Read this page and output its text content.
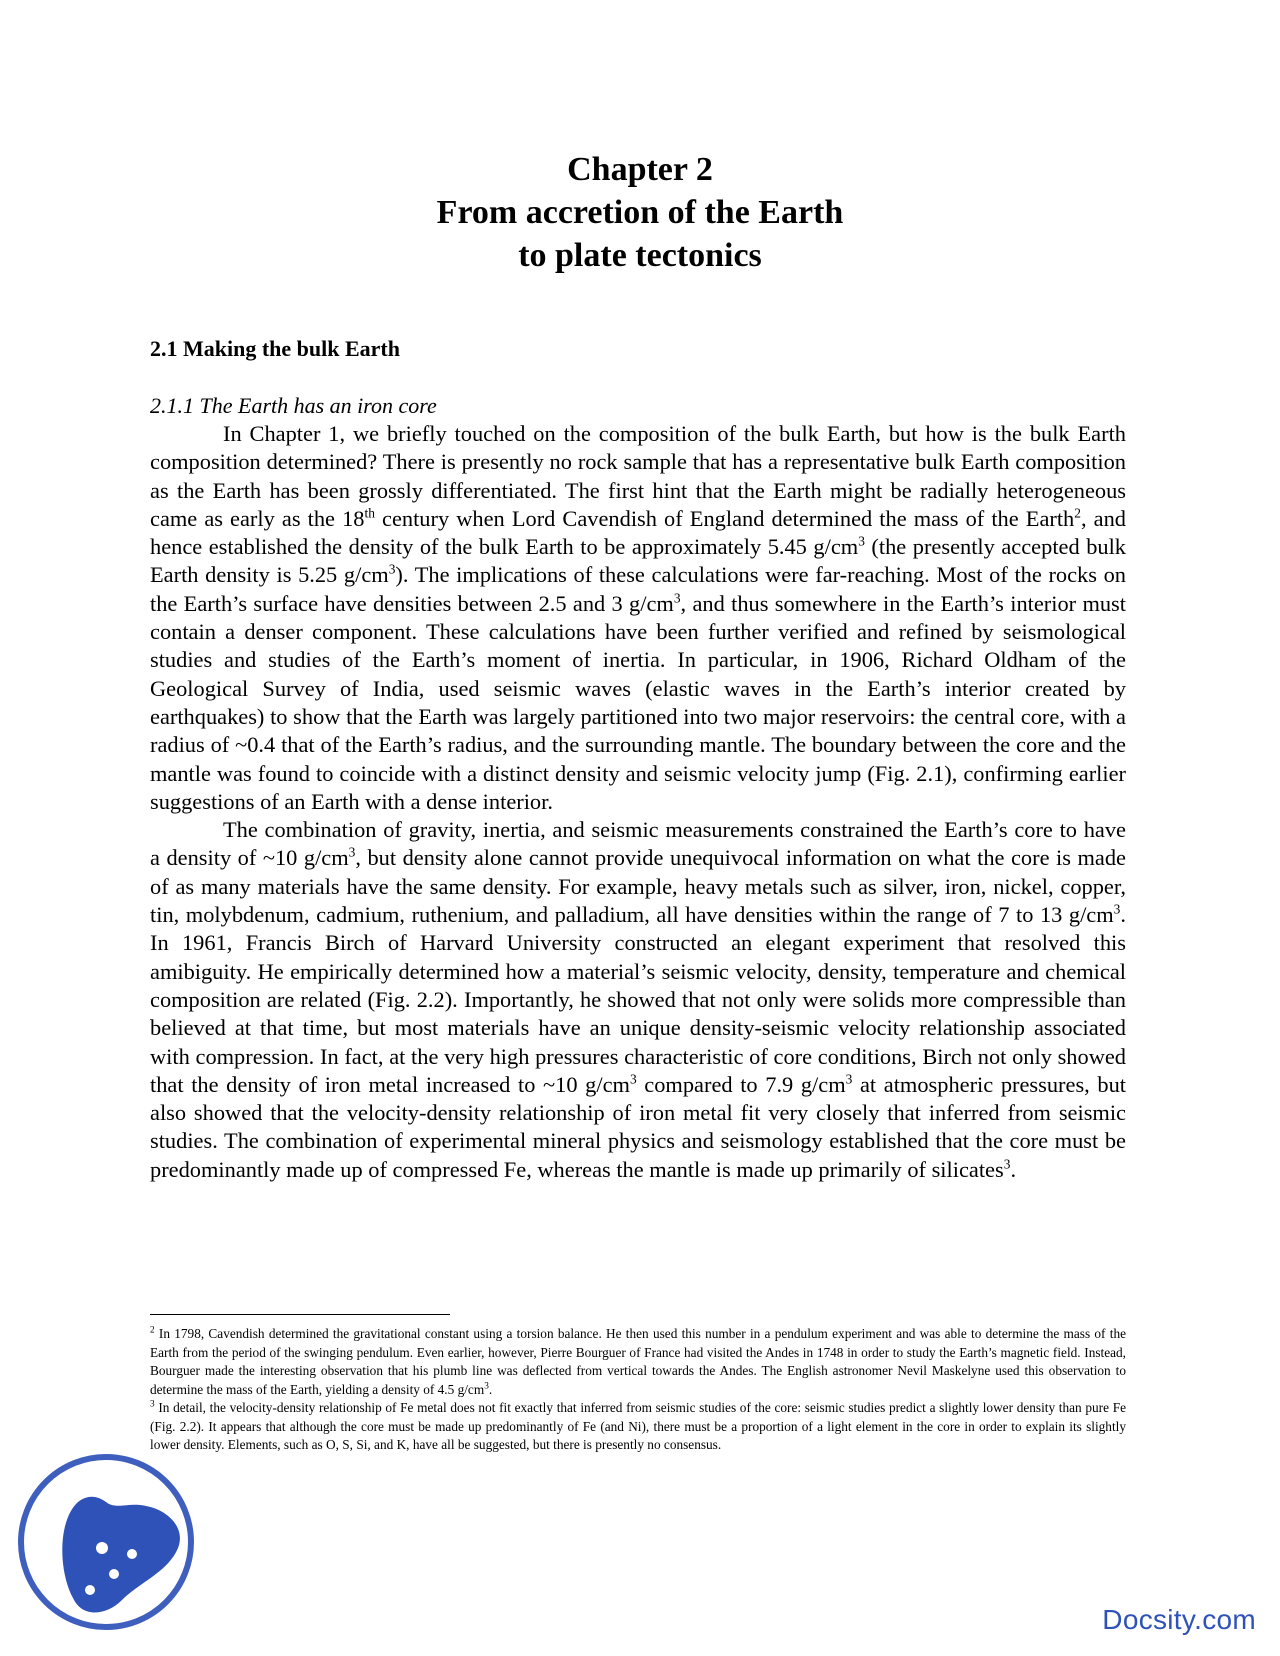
Chapter 2
From accretion of the Earth
to plate tectonics
2.1 Making the bulk Earth
2.1.1 The Earth has an iron core

In Chapter 1, we briefly touched on the composition of the bulk Earth, but how is the bulk Earth composition determined? There is presently no rock sample that has a representative bulk Earth composition as the Earth has been grossly differentiated. The first hint that the Earth might be radially heterogeneous came as early as the 18th century when Lord Cavendish of England determined the mass of the Earth$^2$, and hence established the density of the bulk Earth to be approximately 5.45 $g/cm^3$ (the presently accepted bulk Earth density is 5.25 $g/cm^3$). The implications of these calculations were far-reaching. Most of the rocks on the Earth’s surface have densities between 2.5 and 3 $g/cm^3$, and thus somewhere in the Earth’s interior must contain a denser component. These calculations have been further verified and refined by seismological studies and studies of the Earth’s moment of inertia. In particular, in 1906, Richard Oldham of the Geological Survey of India, used seismic waves (elastic waves in the Earth’s interior created by earthquakes) to show that the Earth was largely partitioned into two major reservoirs: the central core, with a radius of ~0.4 that of the Earth’s radius, and the surrounding mantle. The boundary between the core and the mantle was found to coincide with a distinct density and seismic velocity jump (Fig. 2.1), confirming earlier suggestions of an Earth with a dense interior.

The combination of gravity, inertia, and seismic measurements constrained the Earth’s core to have a density of ~10 $g/cm^3$, but density alone cannot provide unequivocal information on what the core is made of as many materials have the same density. For example, heavy metals such as silver, iron, nickel, copper, tin, molybdenum, cadmium, ruthenium, and palladium, all have densities within the range of 7 to 13 $g/cm^3$. In 1961, Francis Birch of Harvard University constructed an elegant experiment that resolved this amibiguity. He empirically determined how a material’s seismic velocity, density, temperature and chemical composition are related (Fig. 2.2). Importantly, he showed that not only were solids more compressible than believed at that time, but most materials have an unique density-seismic velocity relationship associated with compression. In fact, at the very high pressures characteristic of core conditions, Birch not only showed that the density of iron metal increased to ~10 $g/cm^3$ compared to 7.9 $g/cm^3$ at atmospheric pressures, but also showed that the velocity-density relationship of iron metal fit very closely that inferred from seismic studies. The combination of experimental mineral physics and seismology established that the core must be predominantly made up of compressed Fe, whereas the mantle is made up primarily of silicates$^3$.

$^2$ In 1798, Cavendish determined the gravitational constant using a torsion balance. He then used this number in a pendulum experiment and was able to determine the mass of the Earth from the period of the swinging pendulum. Even earlier, however, Pierre Bourguer of France had visited the Andes in 1748 in order to study the Earth’s magnetic field. Instead, Bourguer made the interesting observation that his plumb line was deflected from vertical towards the Andes. The English astronomer Nevil Maskelyne used this observation to determine the mass of the Earth, yielding a density of 4.5 $g/cm^3$.

$^3$ In detail, the velocity-density relationship of Fe metal does not fit exactly that inferred from seismic studies of the core: seismic studies predict a slightly lower density than pure Fe (Fig. 2.2). It appears that although the core must be made up predominantly of Fe (and Ni), there must be a proportion of a light element in the core in order to explain its slightly lower density. Elements, such as O, S, Si, and K, have all be suggested, but there is presently no consensus.

Docsity.com
